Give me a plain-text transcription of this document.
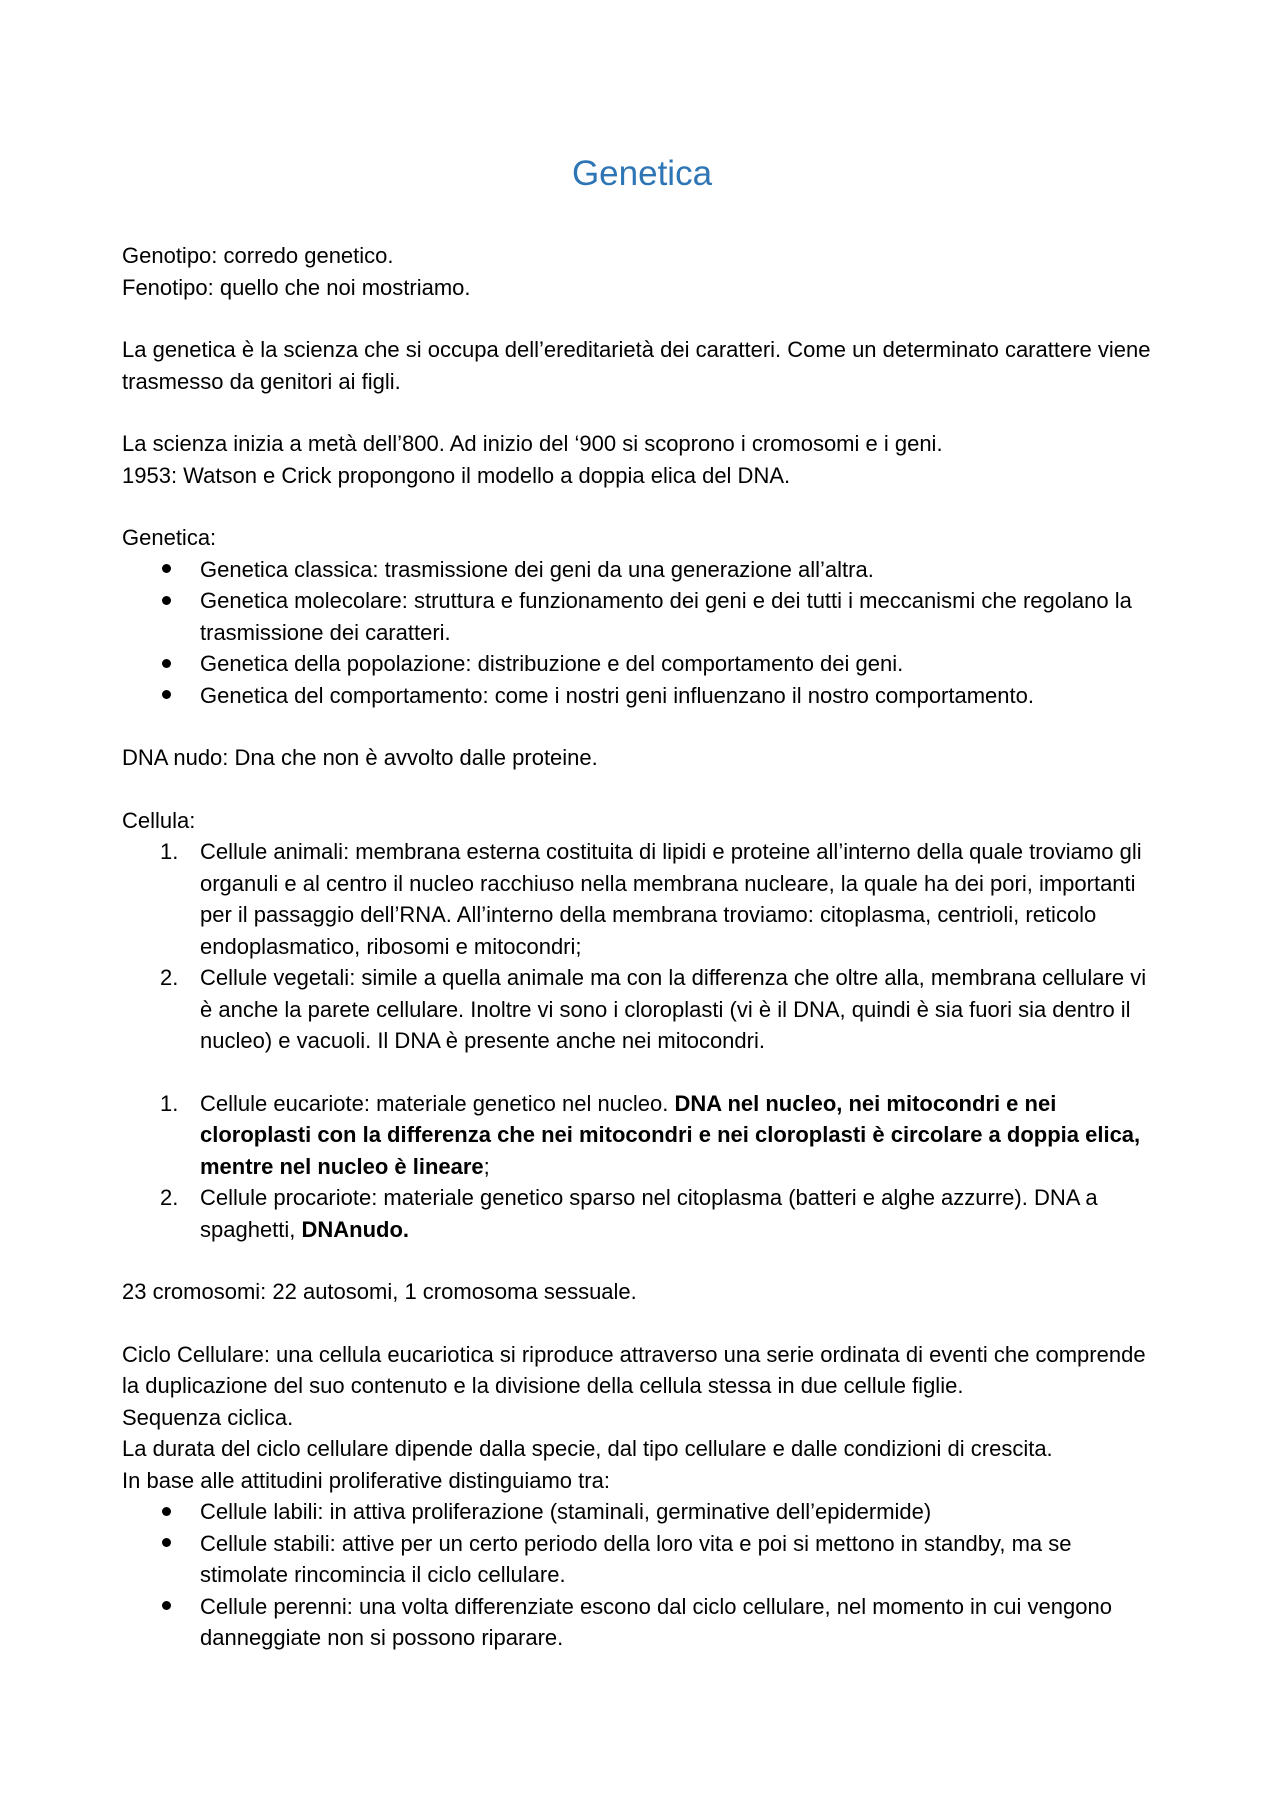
Genetica
Genotipo: corredo genetico.
Fenotipo: quello che noi mostriamo.
La genetica è la scienza che si occupa dell’ereditarietà dei caratteri. Come un determinato carattere viene trasmesso da genitori ai figli.
La scienza inizia a metà dell’800. Ad inizio del ‘900 si scoprono i cromosomi e i geni.
1953: Watson e Crick propongono il modello a doppia elica del DNA.
Genetica:
Genetica classica: trasmissione dei geni da una generazione all’altra.
Genetica molecolare: struttura e funzionamento dei geni e dei tutti i meccanismi che regolano la trasmissione dei caratteri.
Genetica della popolazione: distribuzione e del comportamento dei geni.
Genetica del comportamento: come i nostri geni influenzano il nostro comportamento.
DNA nudo: Dna che non è avvolto dalle proteine.
Cellula:
1. Cellule animali: membrana esterna costituita di lipidi e proteine all’interno della quale troviamo gli organuli e al centro il nucleo racchiuso nella membrana nucleare, la quale ha dei pori, importanti per il passaggio dell’RNA. All’interno della membrana troviamo: citoplasma, centrioli, reticolo endoplasmatico, ribosomi e mitocondri;
2. Cellule vegetali: simile a quella animale ma con la differenza che oltre alla, membrana cellulare vi è anche la parete cellulare. Inoltre vi sono i cloroplasti (vi è il DNA, quindi è sia fuori sia dentro il nucleo) e vacuoli. Il DNA è presente anche nei mitocondri.
1. Cellule eucariote: materiale genetico nel nucleo. DNA nel nucleo, nei mitocondri e nei cloroplasti con la differenza che nei mitocondri e nei cloroplasti è circolare a doppia elica, mentre nel nucleo è lineare;
2. Cellule procariote: materiale genetico sparso nel citoplasma (batteri e alghe azzurre). DNA a spaghetti, DNAnudo.
23 cromosomi: 22 autosomi, 1 cromosoma sessuale.
Ciclo Cellulare: una cellula eucariotica si riproduce attraverso una serie ordinata di eventi che comprende la duplicazione del suo contenuto e la divisione della cellula stessa in due cellule figlie.
Sequenza ciclica.
La durata del ciclo cellulare dipende dalla specie, dal tipo cellulare e dalle condizioni di crescita.
In base alle attitudini proliferative distinguiamo tra:
Cellule labili: in attiva proliferazione (staminali, germinative dell’epidermide)
Cellule stabili: attive per un certo periodo della loro vita e poi si mettono in standby, ma se stimolate rincomincia il ciclo cellulare.
Cellule perenni: una volta differenziate escono dal ciclo cellulare, nel momento in cui vengono danneggiate non si possono riparare.
